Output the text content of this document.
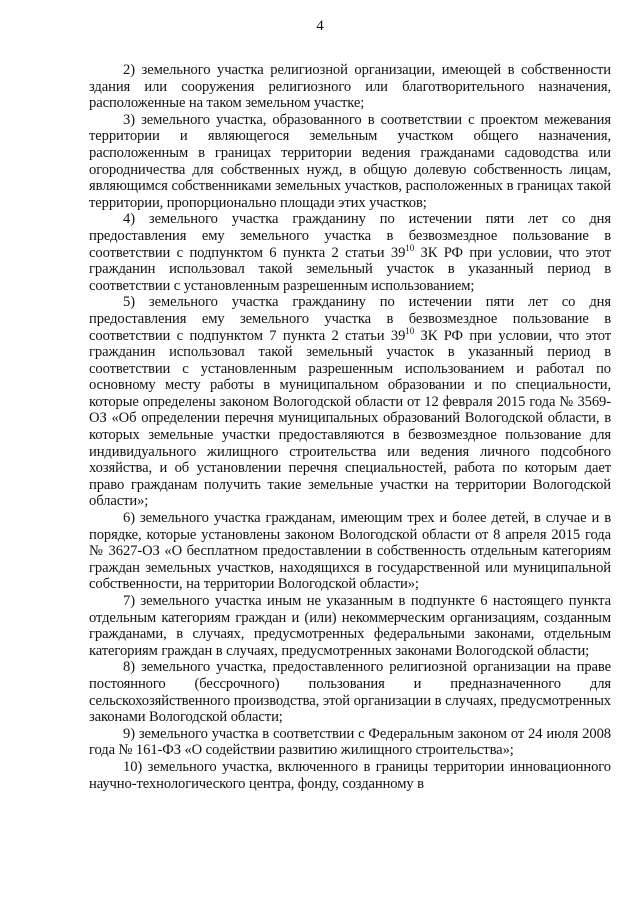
4

2) земельного участка религиозной организации, имеющей в собственности здания или сооружения религиозного или благотворительного назначения, расположенные на таком земельном участке;

3) земельного участка, образованного в соответствии с проектом межевания территории и являющегося земельным участком общего назначения, расположенным в границах территории ведения гражданами садоводства или огородничества для собственных нужд, в общую долевую собственность лицам, являющимся собственниками земельных участков, расположенных в границах такой территории, пропорционально площади этих участков;

4) земельного участка гражданину по истечении пяти лет со дня предоставления ему земельного участка в безвозмездное пользование в соответствии с подпунктом 6 пункта 2 статьи $39^{10}$ ЗК РФ при условии, что этот гражданин использовал такой земельный участок в указанный период в соответствии с установленным разрешенным использованием;

5) земельного участка гражданину по истечении пяти лет со дня предоставления ему земельного участка в безвозмездное пользование в соответствии с подпунктом 7 пункта 2 статьи $39^{10}$ ЗК РФ при условии, что этот гражданин использовал такой земельный участок в указанный период в соответствии с установленным разрешенным использованием и работал по основному месту работы в муниципальном образовании и по специальности, которые определены законом Вологодской области от 12 февраля 2015 года № 3569-ОЗ «Об определении перечня муниципальных образований Вологодской области, в которых земельные участки предоставляются в безвозмездное пользование для индивидуального жилищного строительства или ведения личного подсобного хозяйства, и об установлении перечня специальностей, работа по которым дает право гражданам получить такие земельные участки на территории Вологодской области»;

6) земельного участка гражданам, имеющим трех и более детей, в случае и в порядке, которые установлены законом Вологодской области от 8 апреля 2015 года № 3627-ОЗ «О бесплатном предоставлении в собственность отдельным категориям граждан земельных участков, находящихся в государственной или муниципальной собственности, на территории Вологодской области»;

7) земельного участка иным не указанным в подпункте 6 настоящего пункта отдельным категориям граждан и (или) некоммерческим организациям, созданным гражданами, в случаях, предусмотренных федеральными законами, отдельным категориям граждан в случаях, предусмотренных законами Вологодской области;

8) земельного участка, предоставленного религиозной организации на праве постоянного (бессрочного) пользования и предназначенного для сельскохозяйственного производства, этой организации в случаях, предусмотренных законами Вологодской области;

9) земельного участка в соответствии с Федеральным законом от 24 июля 2008 года № 161-ФЗ «О содействии развитию жилищного строительства»;

10) земельного участка, включенного в границы территории инновационного научно-технологического центра, фонду, созданному в
